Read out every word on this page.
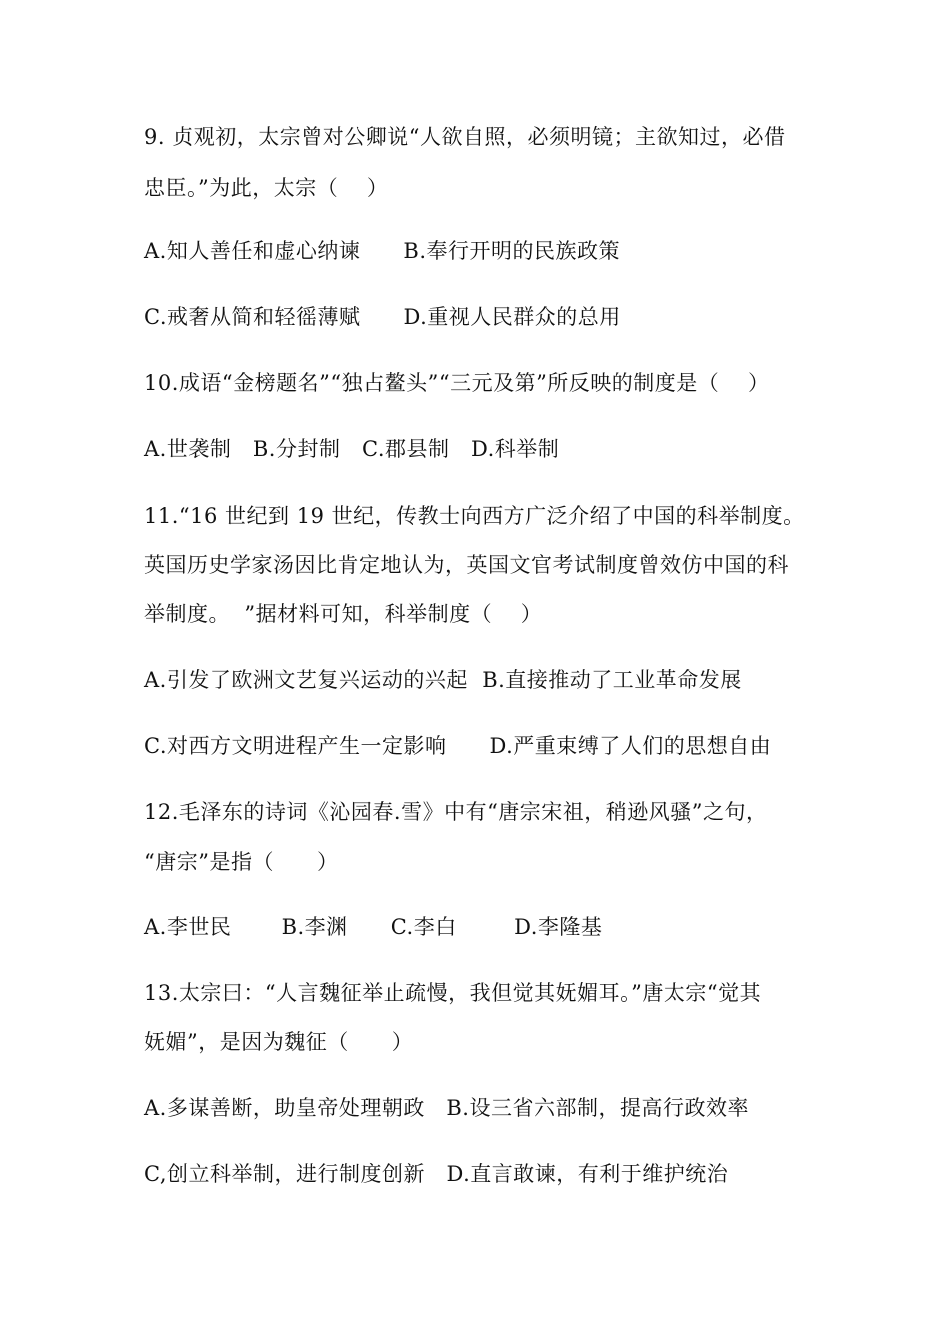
9. 贞观初，太宗曾对公卿说“人欲自照，必须明镜；主欲知过，必借
忠臣。”为此，太宗（    ）
A.知人善任和虚心纳谏      B.奉行开明的民族政策
C.戒奢从简和轻徭薄赋      D.重视人民群众的总用
10.成语“金榜题名”“独占鳌头”“三元及第”所反映的制度是（    ）
A.世袭制   B.分封制   C.郡县制   D.科举制
11.“16 世纪到 19 世纪，传教士向西方广泛介绍了中国的科举制度。
英国历史学家汤因比肯定地认为，英国文官考试制度曾效仿中国的科
举制度。  ”据材料可知，科举制度（    ）
A.引发了欧洲文艺复兴运动的兴起  B.直接推动了工业革命发展
C.对西方文明进程产生一定影响      D.严重束缚了人们的思想自由
12.毛泽东的诗词《沁园春.雪》中有“唐宗宋祖，稍逊风骚”之句，
“唐宗”是指（      ）
A.李世民       B.李渊      C.李白        D.李隆基
13.太宗曰：“人言魏征举止疏慢，我但觉其妩媚耳。”唐太宗“觉其
妩媚”，是因为魏征（      ）
A.多谋善断，助皇帝处理朝政   B.设三省六部制，提高行政效率
C,创立科举制，进行制度创新   D.直言敢谏，有利于维护统治
